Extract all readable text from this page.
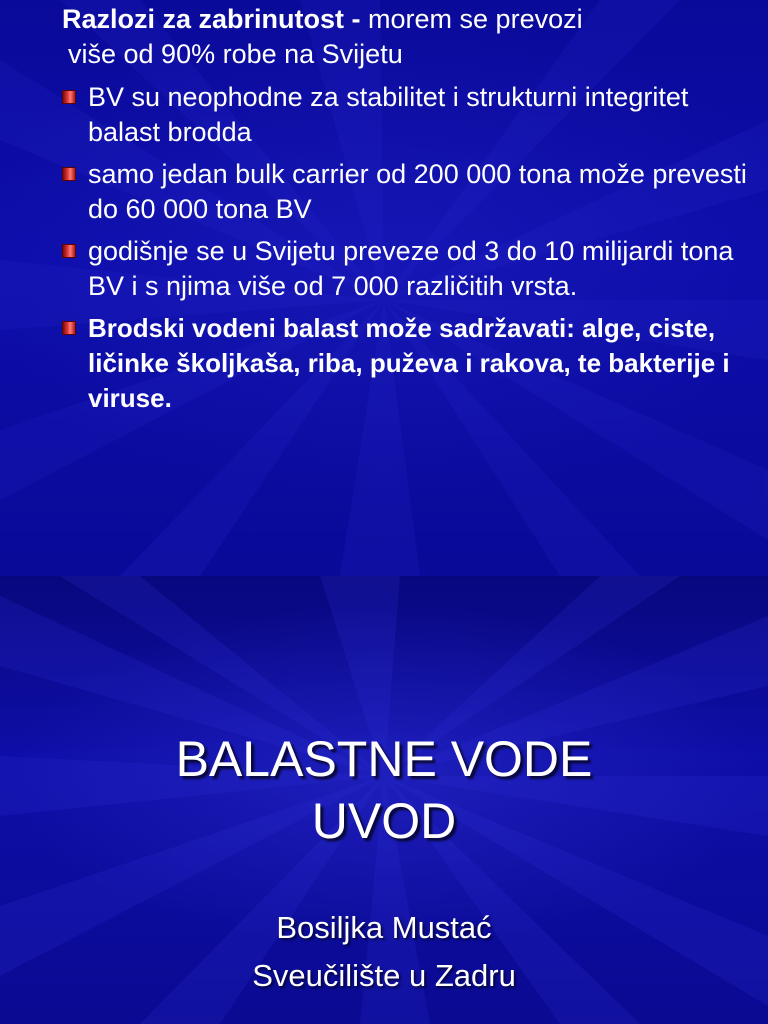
Razlozi za zabrinutost - morem se prevozi
više od 90% robe na Svijetu
BV su neophodne za stabilitet i strukturni integritet balast brodda
samo jedan bulk carrier od 200 000 tona može prevesti do 60 000 tona BV
godišnje se u Svijetu preveze od 3 do 10 milijardi tona BV i s njima više od 7 000 različitih vrsta.
Brodski vodeni balast može sadržavati: alge, ciste, ličinke školjkaša, riba, puževa i rakova, te bakterije i viruse.
BALASTNE VODE
UVOD
Bosiljka Mustać
Sveučilište u Zadru
